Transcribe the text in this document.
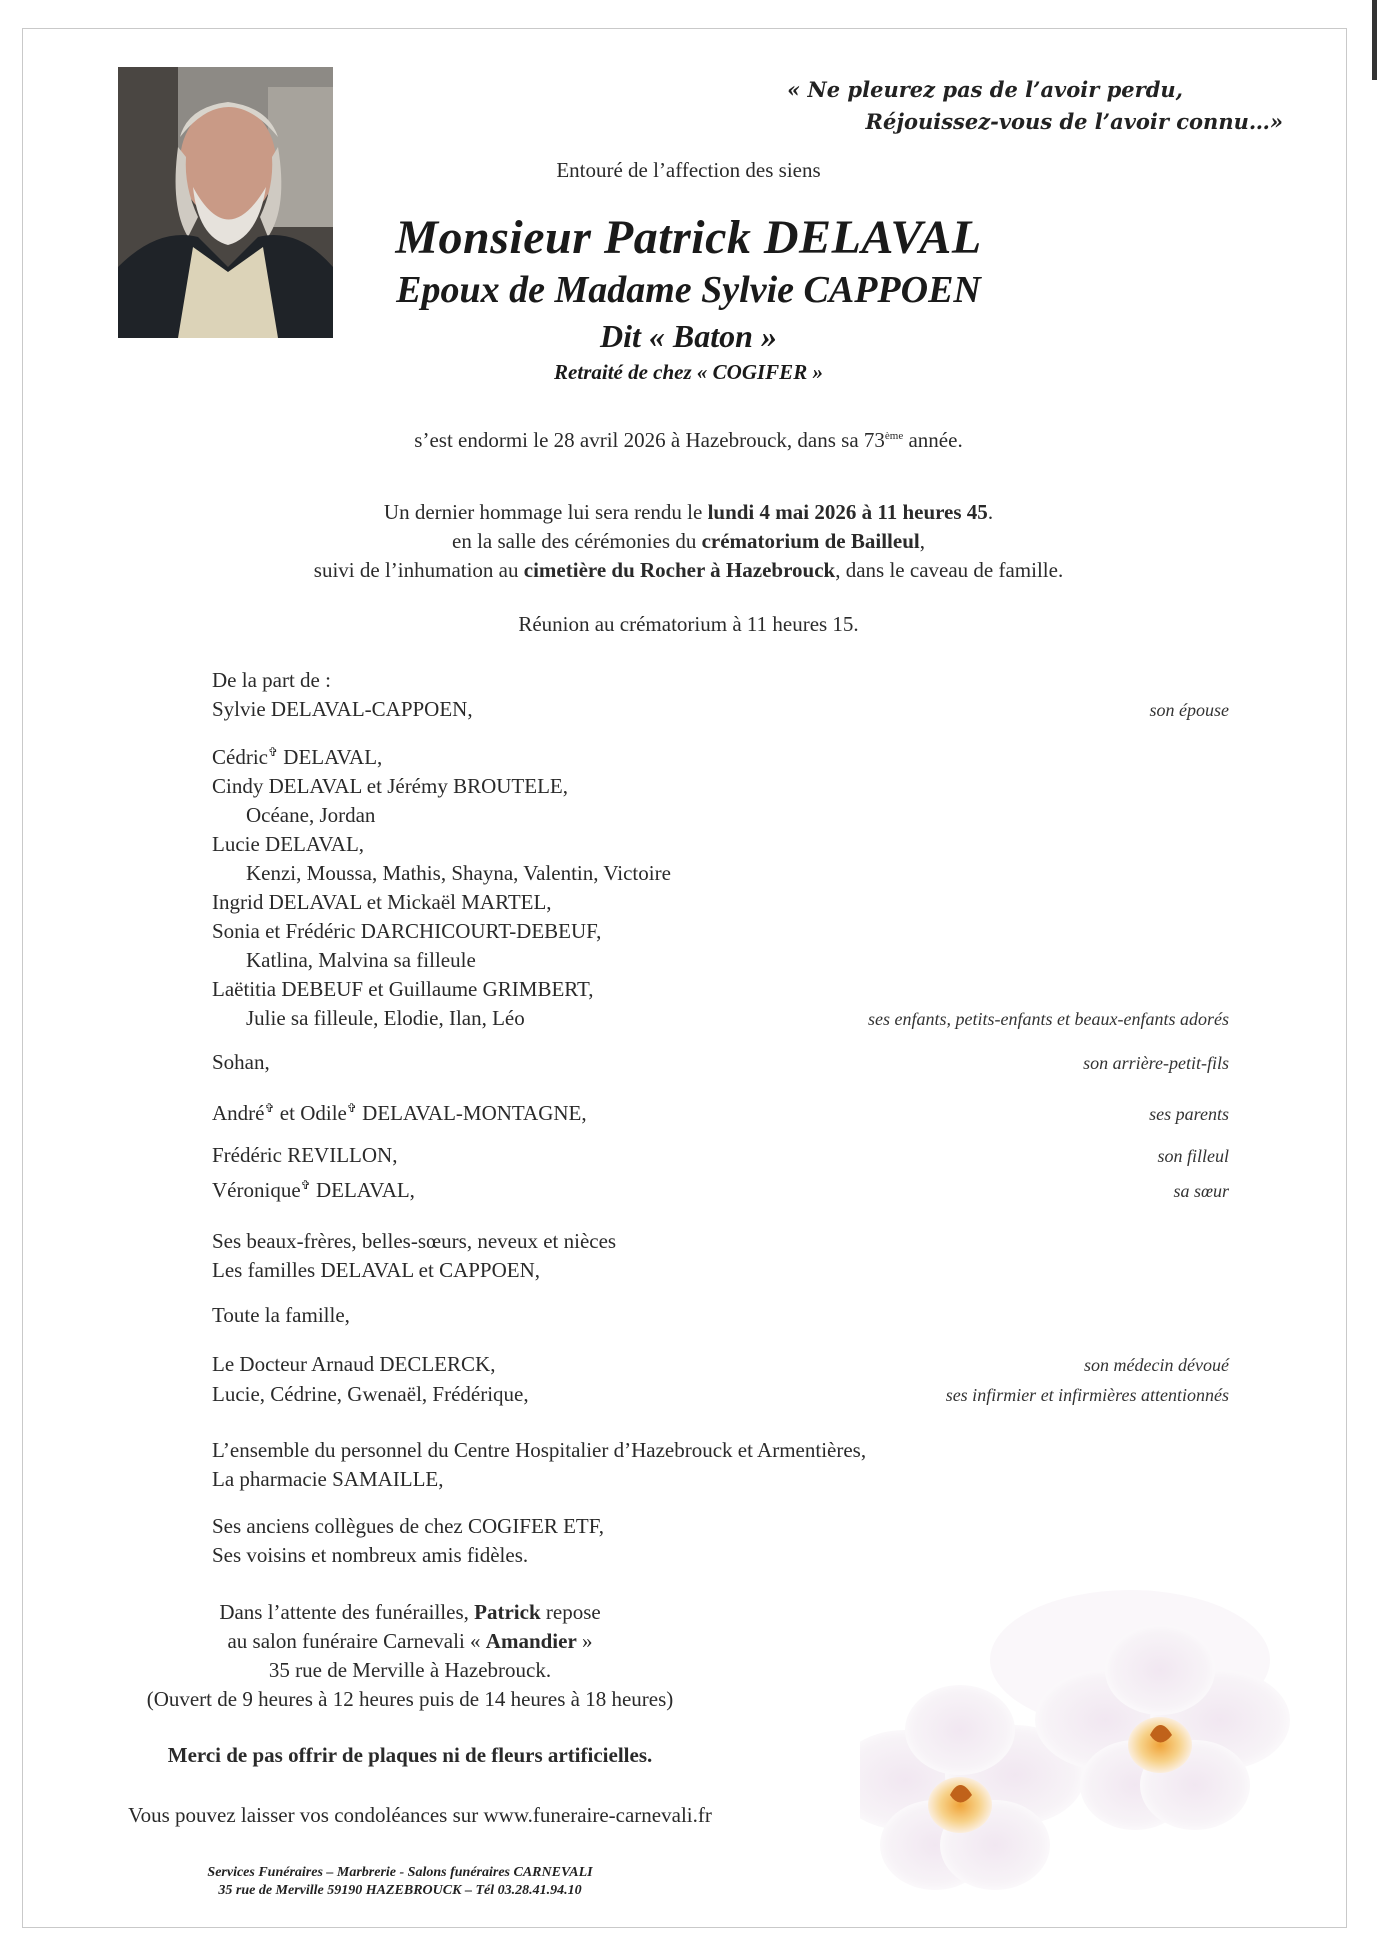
« Ne pleurez pas de l’avoir perdu,
Réjouissez-vous de l’avoir connu…»
Entouré de l’affection des siens
Monsieur Patrick DELAVAL
Epoux de Madame Sylvie CAPPOEN
Dit « Baton »
Retraité de chez « COGIFER »
s’est endormi le 28 avril 2026 à Hazebrouck, dans sa 73ème année.
Un dernier hommage lui sera rendu le lundi 4 mai 2026 à 11 heures 45.
en la salle des cérémonies du crématorium de Bailleul,
suivi de l’inhumation au cimetière du Rocher à Hazebrouck, dans le caveau de famille.
Réunion au crématorium à 11 heures 15.
De la part de :
Sylvie DELAVAL-CAPPOEN,	son épouse
Cédric✞ DELAVAL,
Cindy DELAVAL et Jérémy BROUTELE,
Océane, Jordan
Lucie DELAVAL,
Kenzi, Moussa, Mathis, Shayna, Valentin, Victoire
Ingrid DELAVAL et Mickaël MARTEL,
Sonia et Frédéric DARCHICOURT-DEBEUF,
Katlina, Malvina sa filleule
Laëtitia DEBEUF et Guillaume GRIMBERT,
Julie sa filleule, Elodie, Ilan, Léo	ses enfants, petits-enfants et beaux-enfants adorés
Sohan,	son arrière-petit-fils
André✞ et Odile✞ DELAVAL-MONTAGNE,	ses parents
Frédéric REVILLON,	son filleul
Véronique✞ DELAVAL,	sa sœur
Ses beaux-frères, belles-sœurs, neveux et nièces
Les familles DELAVAL et CAPPOEN,
Toute la famille,
Le Docteur Arnaud DECLERCK,	son médecin dévoué
Lucie, Cédrine, Gwenaël, Frédérique,	ses infirmier et infirmières attentionnés
L’ensemble du personnel du Centre Hospitalier d’Hazebrouck et Armentières,
La pharmacie SAMAILLE,
Ses anciens collègues de chez COGIFER ETF,
Ses voisins et nombreux amis fidèles.
Dans l’attente des funérailles, Patrick repose
au salon funéraire Carnevali « Amandier »
35 rue de Merville à Hazebrouck.
(Ouvert de 9 heures à 12 heures puis de 14 heures à 18 heures)
Merci de pas offrir de plaques ni de fleurs artificielles.
Vous pouvez laisser vos condoléances sur www.funeraire-carnevali.fr
Services Funéraires – Marbrerie - Salons funéraires CARNEVALI
35 rue de Merville 59190 HAZEBROUCK – Tél 03.28.41.94.10
